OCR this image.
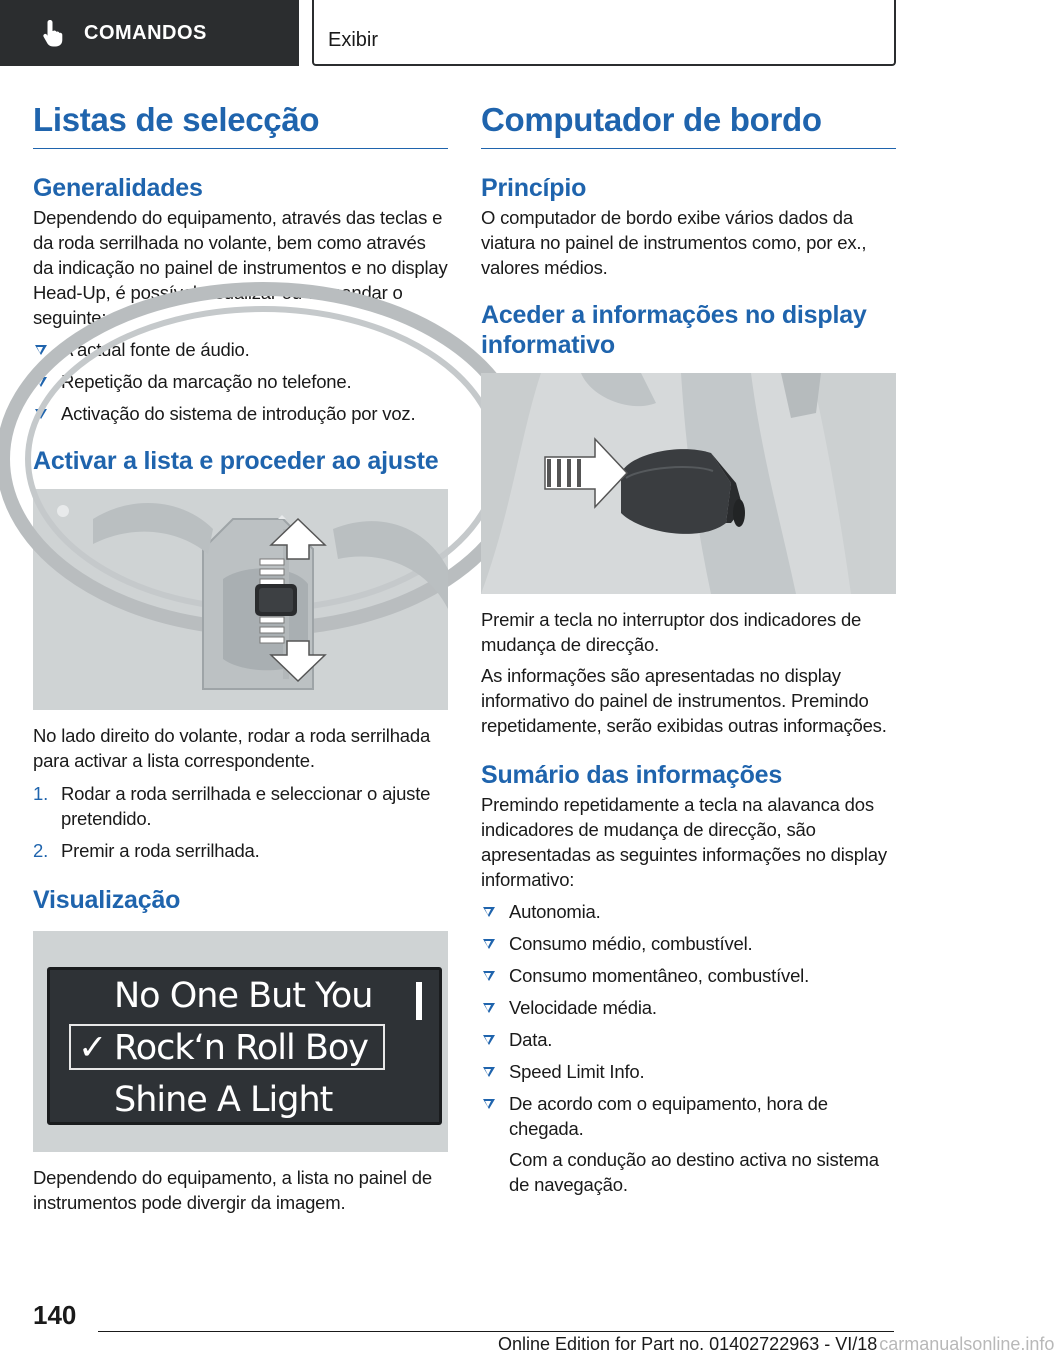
COMANDOS	Exibir
Listas de selecção
Generalidades

Dependendo do equipamento, através das teclas e da roda serrilhada no volante, bem como através da indicação no painel de instrumentos e no display Head-Up, é possível visualizar ou comandar o seguinte:

A actual fonte de áudio.
Repetição da marcação no telefone.
Activação do sistema de introdução por voz.
Activar a lista e proceder ao ajuste

No lado direito do volante, rodar a roda serrilhada para activar a lista correspondente.

1. Rodar a roda serrilhada e seleccionar o ajuste pretendido.
2. Premir a roda serrilhada.
Visualização
No One But You
✓ Rock‘n Roll Boy
Shine A Light

Dependendo do equipamento, a lista no painel de instrumentos pode divergir da imagem.

Computador de bordo
Princípio

O computador de bordo exibe vários dados da viatura no painel de instrumentos como, por ex., valores médios.

Aceder a informações no display informativo

Premir a tecla no interruptor dos indicadores de mudança de direcção.

As informações são apresentadas no display informativo do painel de instrumentos. Premindo repetidamente, serão exibidas outras informações.

Sumário das informações

Premindo repetidamente a tecla na alavanca dos indicadores de mudança de direcção, são apresentadas as seguintes informações no display informativo:

Autonomia.
Consumo médio, combustível.
Consumo momentâneo, combustível.
Velocidade média.
Data.
Speed Limit Info.
De acordo com o equipamento, hora de chegada.

Com a condução ao destino activa no sistema de navegação.

140
Online Edition for Part no. 01402722963 - VI/18 carmanualsonline.info
